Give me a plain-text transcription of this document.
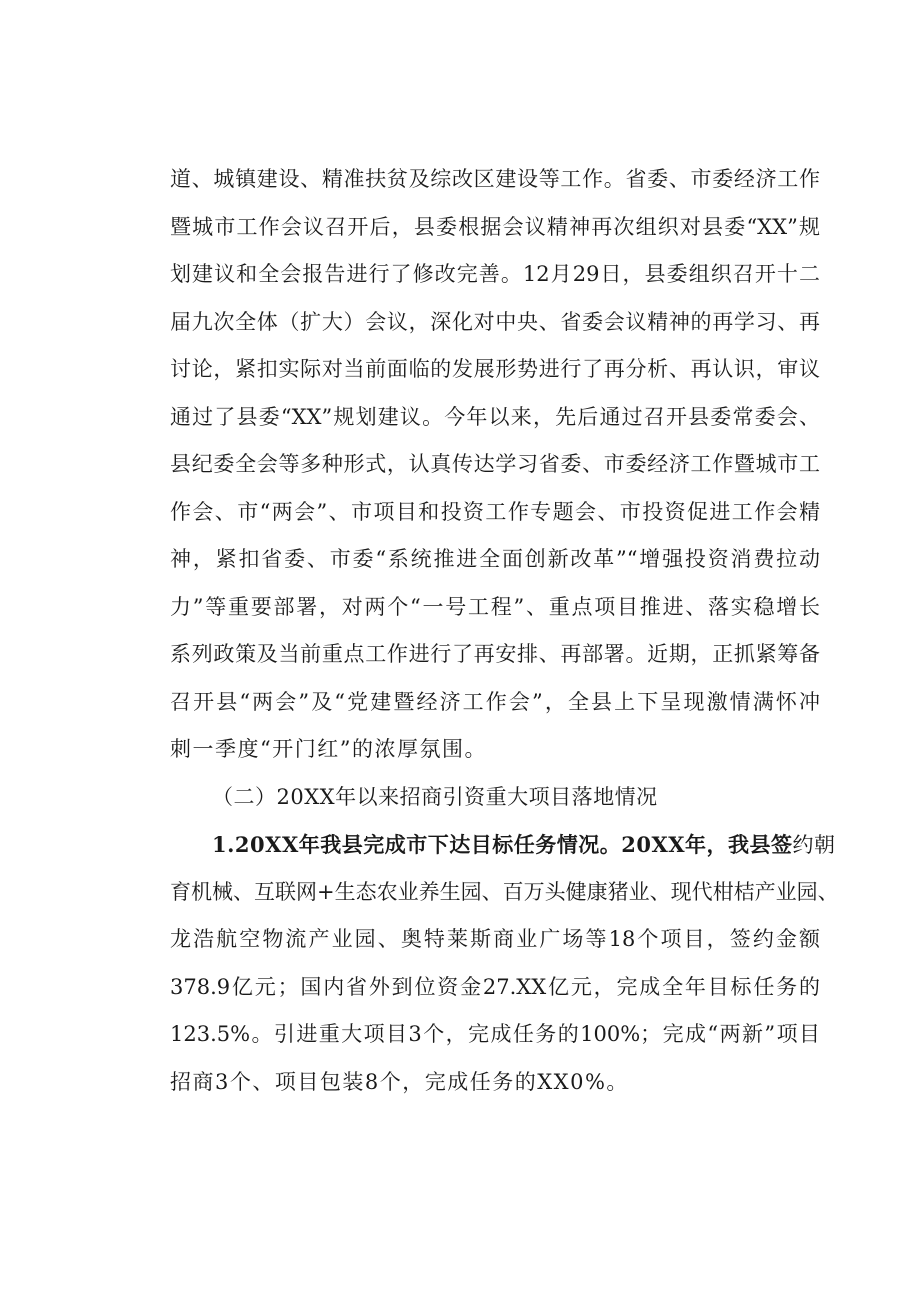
道、城镇建设、精准扶贫及综改区建设等工作。省委、市委经济工作
暨城市工作会议召开后，县委根据会议精神再次组织对县委“XX”规
划建议和全会报告进行了修改完善。12月29日，县委组织召开十二
届九次全体（扩大）会议，深化对中央、省委会议精神的再学习、再
讨论，紧扣实际对当前面临的发展形势进行了再分析、再认识，审议
通过了县委“XX”规划建议。今年以来，先后通过召开县委常委会、
县纪委全会等多种形式，认真传达学习省委、市委经济工作暨城市工
作会、市“两会”、市项目和投资工作专题会、市投资促进工作会精
神，紧扣省委、市委“系统推进全面创新改革”“增强投资消费拉动
力”等重要部署，对两个“一号工程”、重点项目推进、落实稳增长
系列政策及当前重点工作进行了再安排、再部署。近期，正抓紧筹备
召开县“两会”及“党建暨经济工作会”，全县上下呈现激情满怀冲
刺一季度“开门红”的浓厚氛围。
（二）20XX年以来招商引资重大项目落地情况
1.20XX年我县完成市下达目标任务情况。20XX年，我县签约朝
育机械、互联网+生态农业养生园、百万头健康猪业、现代柑桔产业园、
龙浩航空物流产业园、奥特莱斯商业广场等18个项目，签约金额
378.9亿元；国内省外到位资金27.XX亿元，完成全年目标任务的
123.5%。引进重大项目3个，完成任务的100%；完成“两新”项目
招商3个、项目包装8个，完成任务的XX0%。
